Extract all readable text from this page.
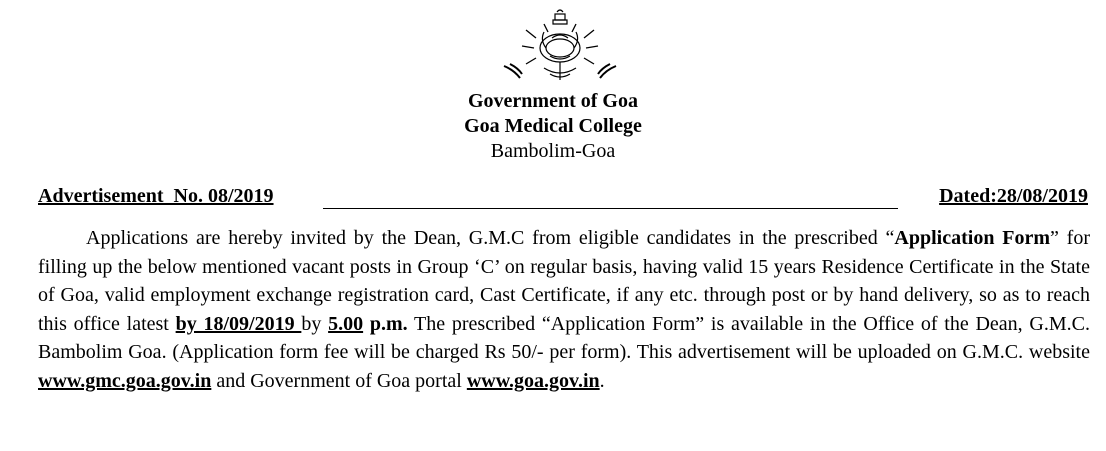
Government of Goa
Goa Medical College
Bambolim-Goa
Advertisement  No. 08/2019	Dated:28/08/2019
Applications are hereby invited by the Dean, G.M.C from eligible candidates in the prescribed “Application Form” for filling up the below mentioned vacant posts in Group ‘C’ on regular basis, having valid 15 years Residence Certificate in the State of Goa, valid employment exchange registration card, Cast Certificate, if any etc. through post or by hand delivery, so as to reach this office latest by 18/09/2019 by 5.00 p.m. The prescribed “Application Form” is available in the Office of the Dean, G.M.C. Bambolim Goa. (Application form fee will be charged Rs 50/- per form). This advertisement will be uploaded on G.M.C. website www.gmc.goa.gov.in and Government of Goa portal www.goa.gov.in.
